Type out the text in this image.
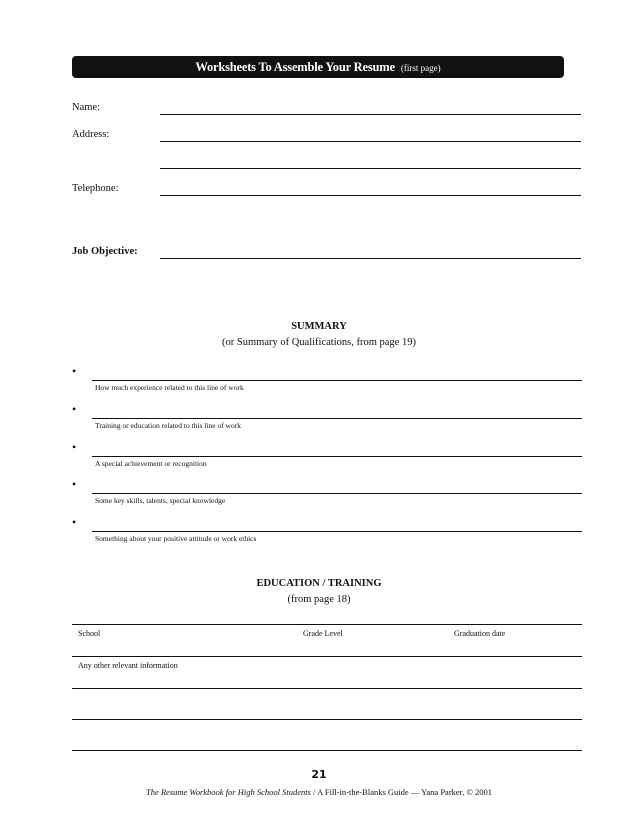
Worksheets To Assemble Your Resume (first page)
Name:
Address:
Telephone:
Job Objective:
SUMMARY
(or Summary of Qualifications, from page 19)
•
How much experience related to this line of work
•
Training or education related to this line of work
•
A special achievement or recognition
•
Some key skills, talents, special knowledge
•
Something about your positive attitude or work ethics
EDUCATION / TRAINING
(from page 18)
School	Grade Level	Graduation date
Any other relevant information
21
The Resume Workbook for High School Students / A Fill-in-the-Blanks Guide — Yana Parker, © 2001
